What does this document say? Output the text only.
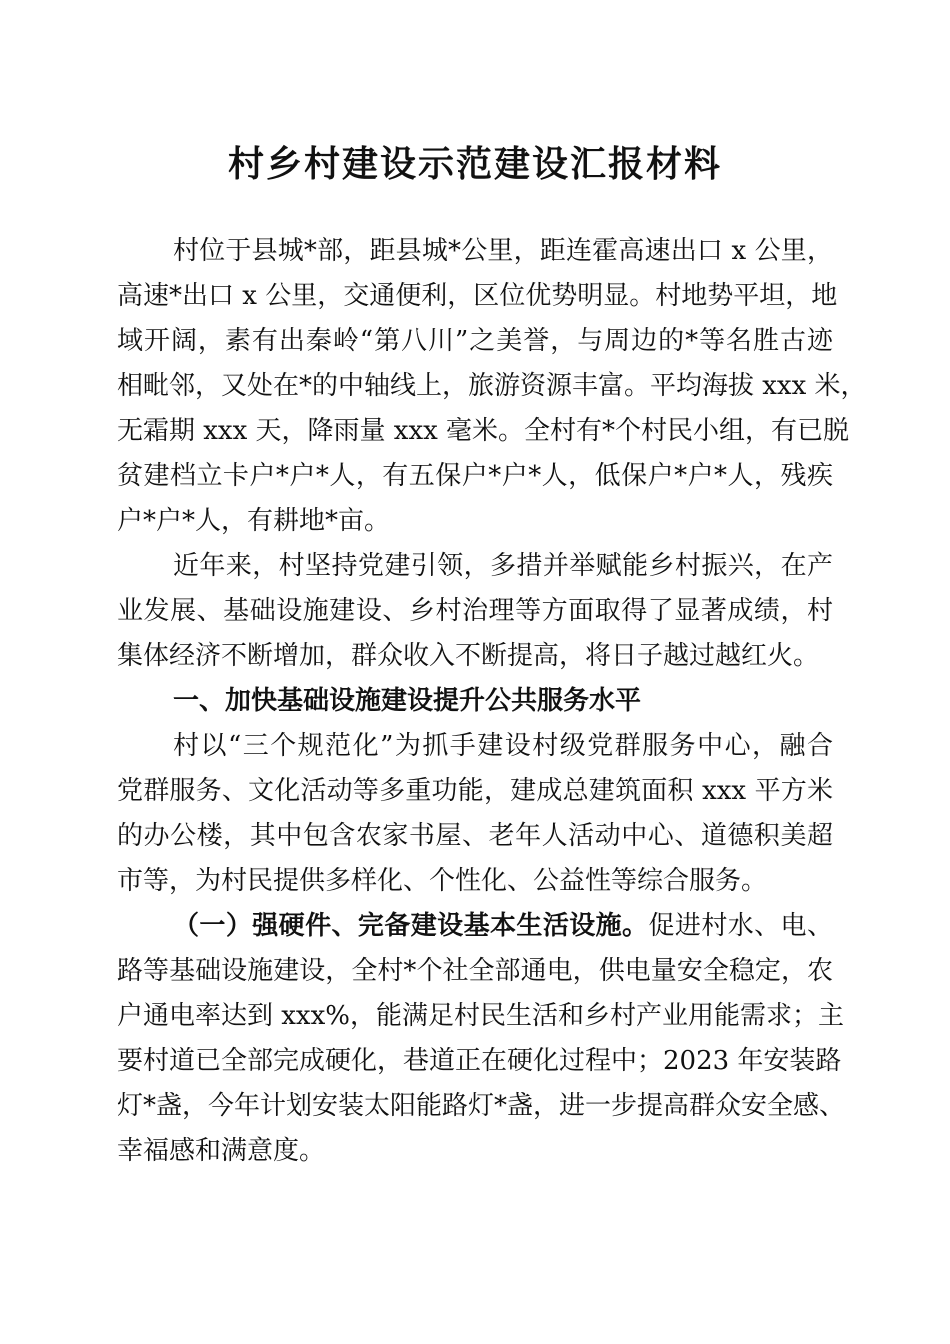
村乡村建设示范建设汇报材料
村位于县城*部，距县城*公里，距连霍高速出口 x 公里，
高速*出口 x 公里，交通便利，区位优势明显。村地势平坦，地
域开阔，素有出秦岭“第八川”之美誉，与周边的*等名胜古迹
相毗邻，又处在*的中轴线上，旅游资源丰富。平均海拔 xxx 米，
无霜期 xxx 天，降雨量 xxx 毫米。全村有*个村民小组，有已脱
贫建档立卡户*户*人，有五保户*户*人，低保户*户*人，残疾
户*户*人，有耕地*亩。
近年来，村坚持党建引领，多措并举赋能乡村振兴，在产
业发展、基础设施建设、乡村治理等方面取得了显著成绩，村
集体经济不断增加，群众收入不断提高，将日子越过越红火。
一、加快基础设施建设提升公共服务水平
村以“三个规范化”为抓手建设村级党群服务中心，融合
党群服务、文化活动等多重功能，建成总建筑面积 xxx 平方米
的办公楼，其中包含农家书屋、老年人活动中心、道德积美超
市等，为村民提供多样化、个性化、公益性等综合服务。
（一）强硬件、完备建设基本生活设施。促进村水、电、
路等基础设施建设，全村*个社全部通电，供电量安全稳定，农
户通电率达到 xxx%，能满足村民生活和乡村产业用能需求；主
要村道已全部完成硬化，巷道正在硬化过程中；2023 年安装路
灯*盏，今年计划安装太阳能路灯*盏，进一步提高群众安全感、
幸福感和满意度。
